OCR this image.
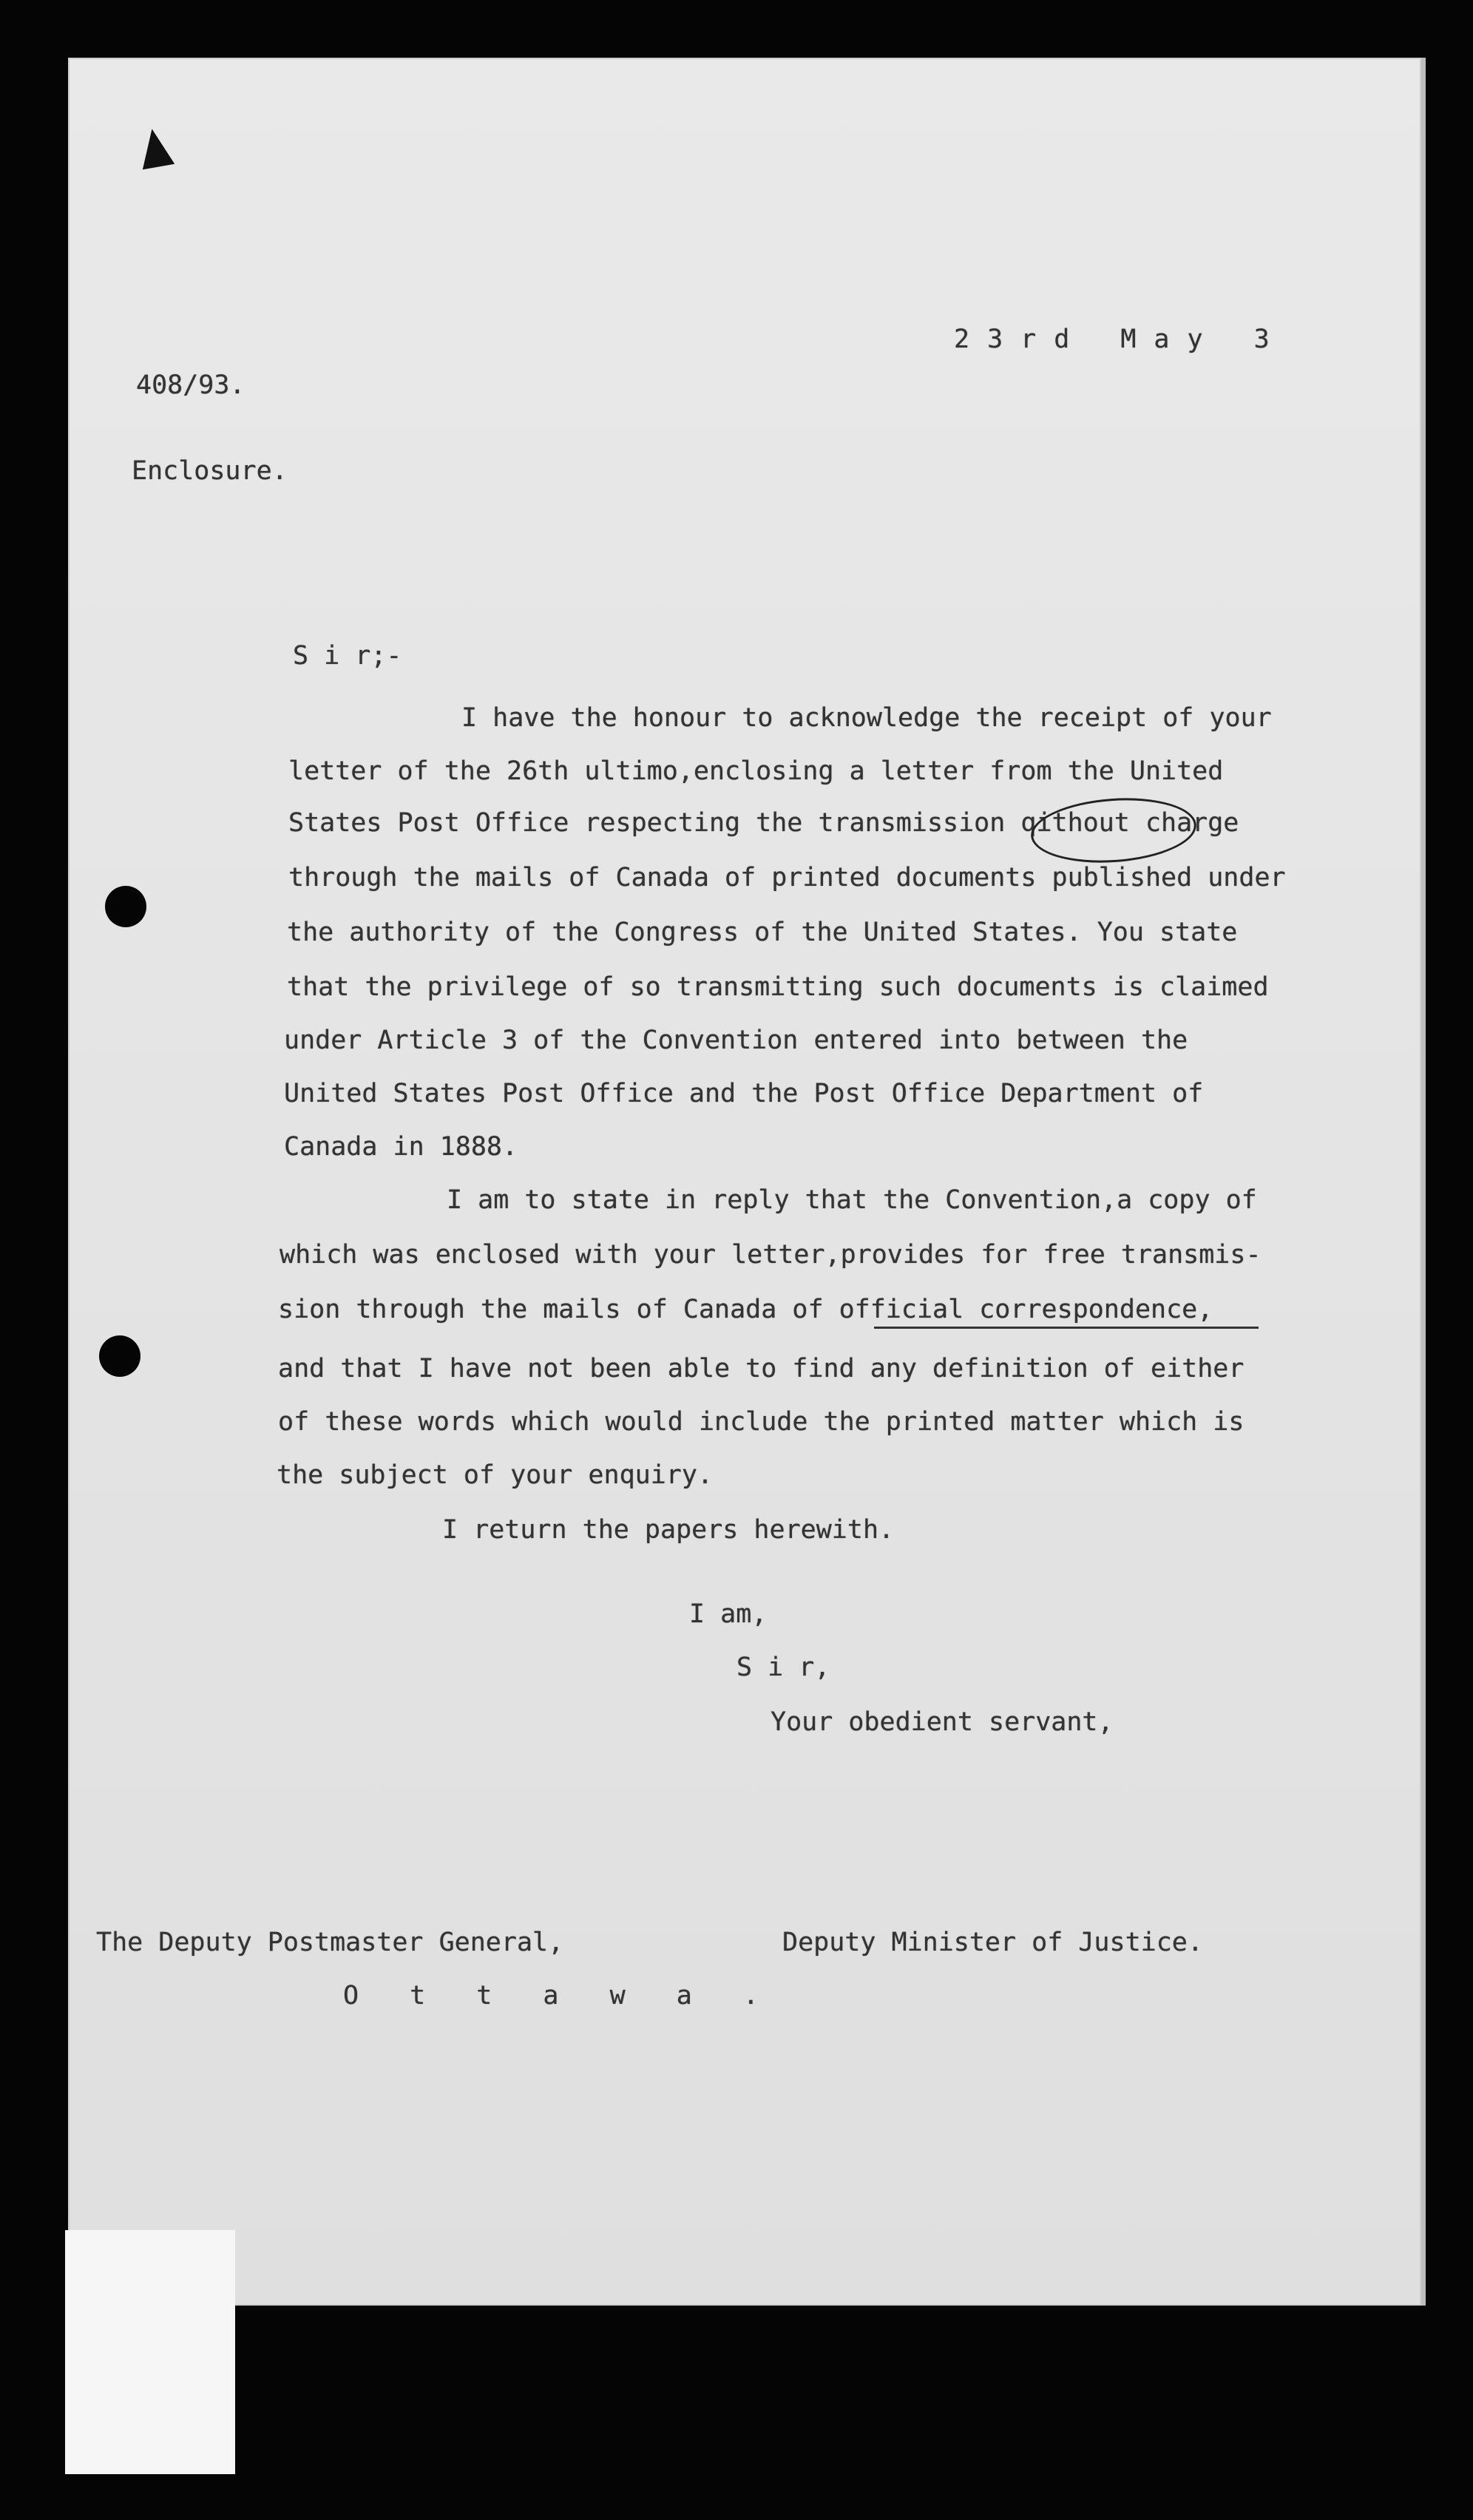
23rd May 3
408/93.
Enclosure.
S i r;-
I have the honour to acknowledge the receipt of your
letter of the 26th ultimo,enclosing a letter from the United
States Post Office respecting the transmission qithout charge
through the mails of Canada of printed documents published under
the authority of the Congress of the United States. You state
that the privilege of so transmitting such documents is claimed
under Article 3 of the Convention entered into between the
United States Post Office and the Post Office Department of
Canada in 1888.
I am to state in reply that the Convention,a copy of
which was enclosed with your letter,provides for free transmis-
sion through the mails of Canada of official correspondence,
and that I have not been able to find any definition of either
of these words which would include the printed matter which is
the subject of your enquiry.
I return the papers herewith.
I am,
S i r,
Your obedient servant,
The Deputy Postmaster General,
O t t a w a .
Deputy Minister of Justice.
